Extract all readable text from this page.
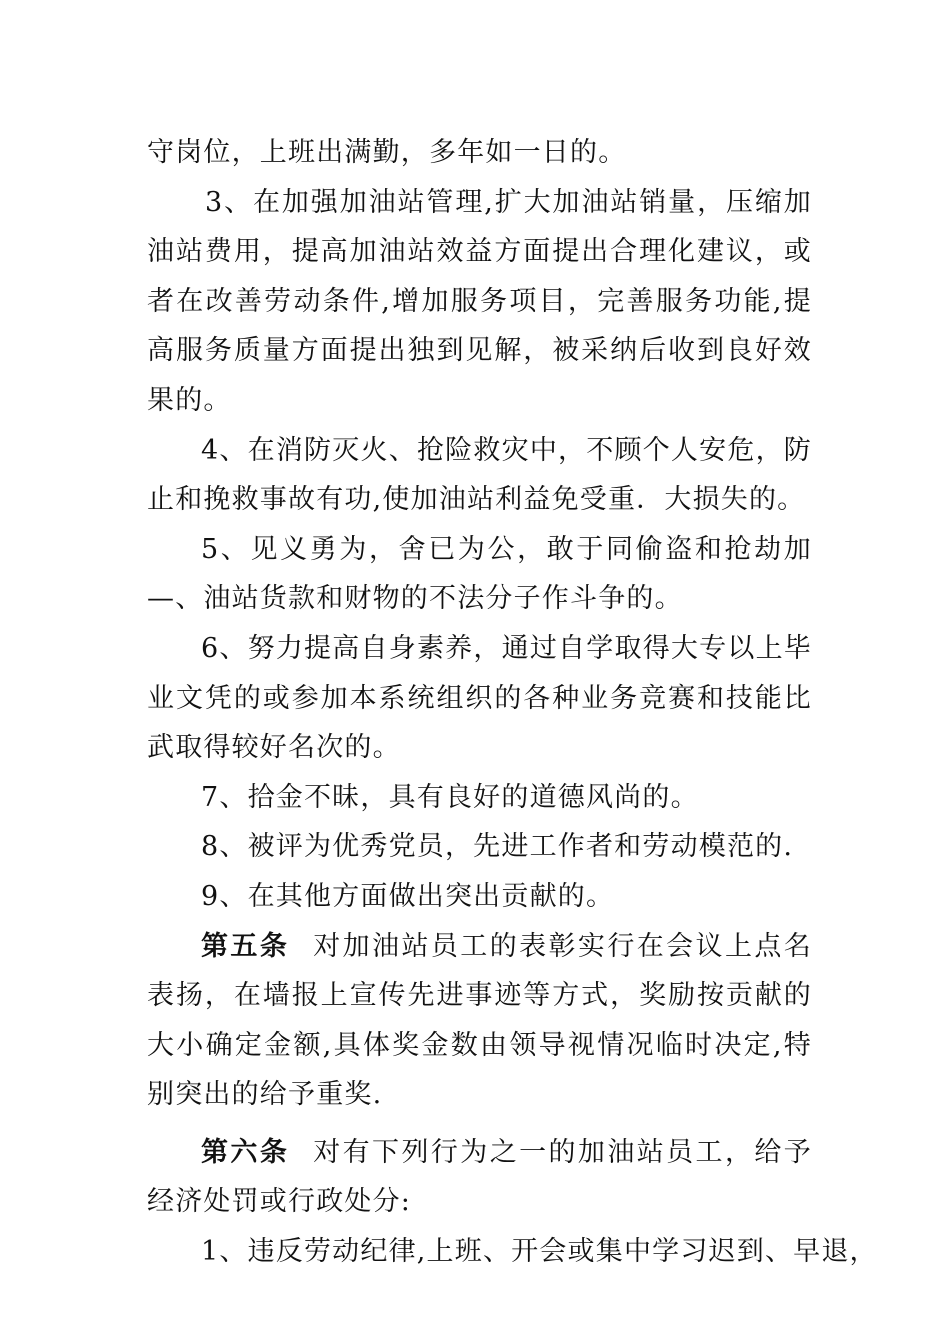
守岗位，上班出满勤，多年如一日的。

3、在加强加油站管理,扩大加油站销量，压缩加油站费用，提高加油站效益方面提出合理化建议，或者在改善劳动条件,增加服务项目，完善服务功能,提高服务质量方面提出独到见解，被采纳后收到良好效果的。

4、在消防灭火、抢险救灾中，不顾个人安危，防止和挽救事故有功,使加油站利益免受重．大损失的。

5、见义勇为，舍已为公，敢于同偷盗和抢劫加—、油站货款和财物的不法分子作斗争的。

6、努力提高自身素养，通过自学取得大专以上毕业文凭的或参加本系统组织的各种业务竞赛和技能比武取得较好名次的。

7、拾金不昧，具有良好的道德风尚的。

8、被评为优秀党员，先进工作者和劳动模范的.

9、在其他方面做出突出贡献的。

第五条 对加油站员工的表彰实行在会议上点名表扬，在墙报上宣传先进事迹等方式，奖励按贡献的大小确定金额,具体奖金数由领导视情况临时决定,特别突出的给予重奖.

第六条 对有下列行为之一的加油站员工，给予经济处罚或行政处分:

1、违反劳动纪律,上班、开会或集中学习迟到、早退，
